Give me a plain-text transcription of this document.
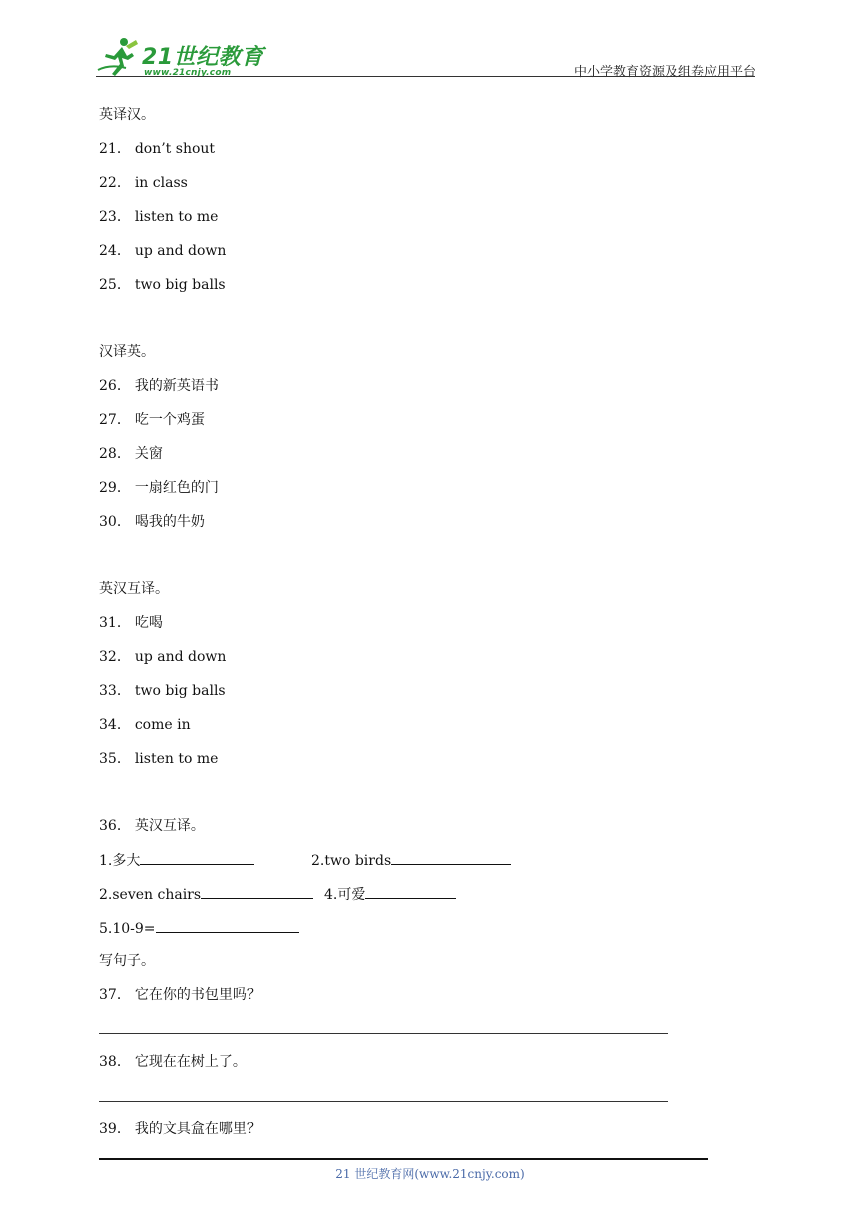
21世纪教育
www.21cnjy.com	中小学教育资源及组卷应用平台
英译汉。
21． don’t shout
22． in class
23． listen to me
24． up and down
25． two big balls
汉译英。
26． 我的新英语书
27． 吃一个鸡蛋
28． 关窗
29． 一扇红色的门
30． 喝我的牛奶
英汉互译。
31． 吃喝
32． up and down
33． two big balls
34． come in
35． listen to me
36． 英汉互译。
1.多大	2.two birds
2.seven chairs	4.可爱
5.10-9=
写句子。
37． 它在你的书包里吗？
38． 它现在在树上了。
39． 我的文具盒在哪里？
21 世纪教育网(www.21cnjy.com)
